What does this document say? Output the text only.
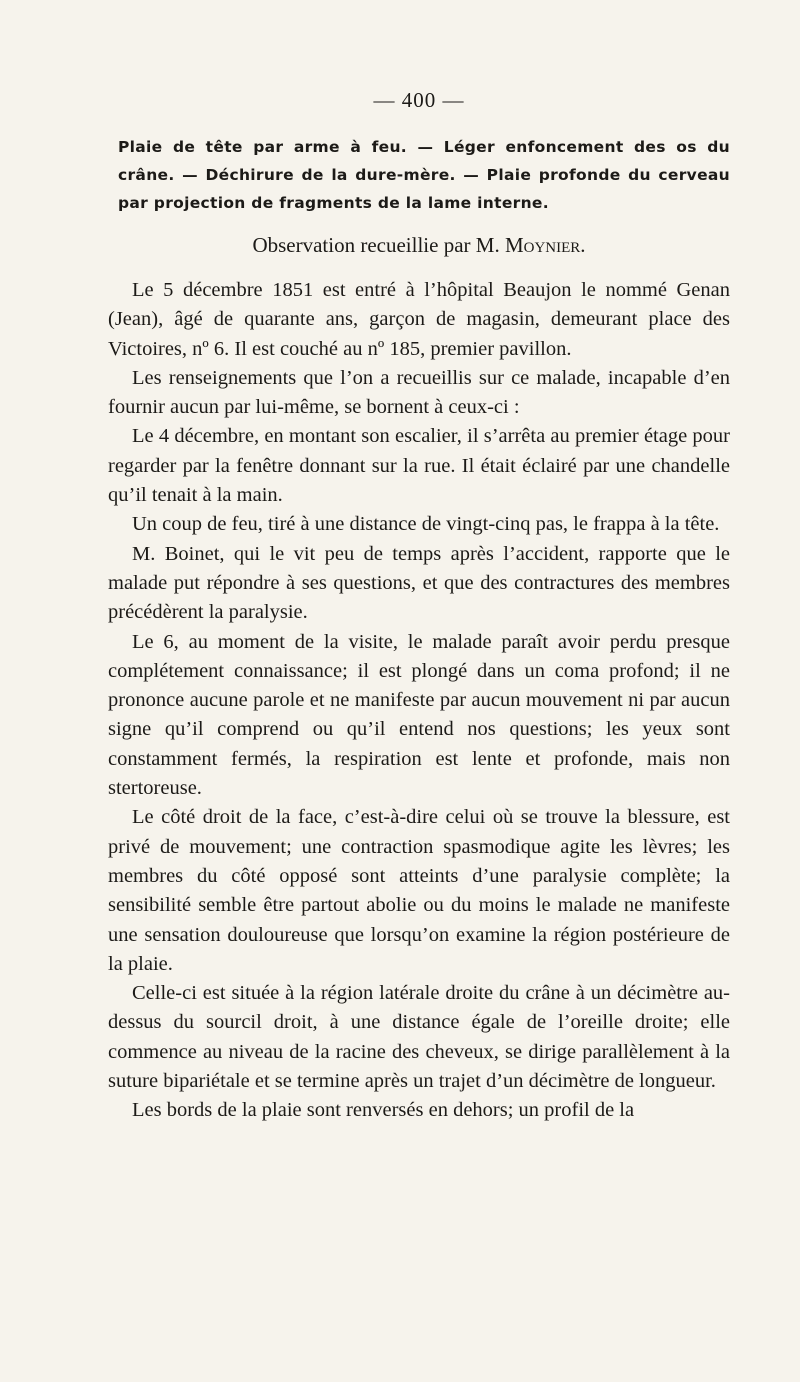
— 400 —
Plaie de tête par arme à feu. — Léger enfoncement des os du crâne. — Déchirure de la dure-mère. — Plaie profonde du cerveau par projection de fragments de la lame interne.
Observation recueillie par M. Moynier.

Le 5 décembre 1851 est entré à l’hôpital Beaujon le nommé Genan (Jean), âgé de quarante ans, garçon de magasin, demeurant place des Victoires, nº 6. Il est couché au nº 185, premier pavillon.

Les renseignements que l’on a recueillis sur ce malade, incapable d’en fournir aucun par lui-même, se bornent à ceux-ci :

Le 4 décembre, en montant son escalier, il s’arrêta au premier étage pour regarder par la fenêtre donnant sur la rue. Il était éclairé par une chandelle qu’il tenait à la main.

Un coup de feu, tiré à une distance de vingt-cinq pas, le frappa à la tête.

M. Boinet, qui le vit peu de temps après l’accident, rapporte que le malade put répondre à ses questions, et que des contractures des membres précédèrent la paralysie.

Le 6, au moment de la visite, le malade paraît avoir perdu presque complétement connaissance; il est plongé dans un coma profond; il ne prononce aucune parole et ne manifeste par aucun mouvement ni par aucun signe qu’il comprend ou qu’il entend nos questions; les yeux sont constamment fermés, la respiration est lente et profonde, mais non stertoreuse.

Le côté droit de la face, c’est-à-dire celui où se trouve la blessure, est privé de mouvement; une contraction spasmodique agite les lèvres; les membres du côté opposé sont atteints d’une paralysie complète; la sensibilité semble être partout abolie ou du moins le malade ne manifeste une sensation douloureuse que lorsqu’on examine la région postérieure de la plaie.

Celle-ci est située à la région latérale droite du crâne à un décimètre au-dessus du sourcil droit, à une distance égale de l’oreille droite; elle commence au niveau de la racine des cheveux, se dirige parallèlement à la suture bipariétale et se termine après un trajet d’un décimètre de longueur.

Les bords de la plaie sont renversés en dehors; un profil de la
